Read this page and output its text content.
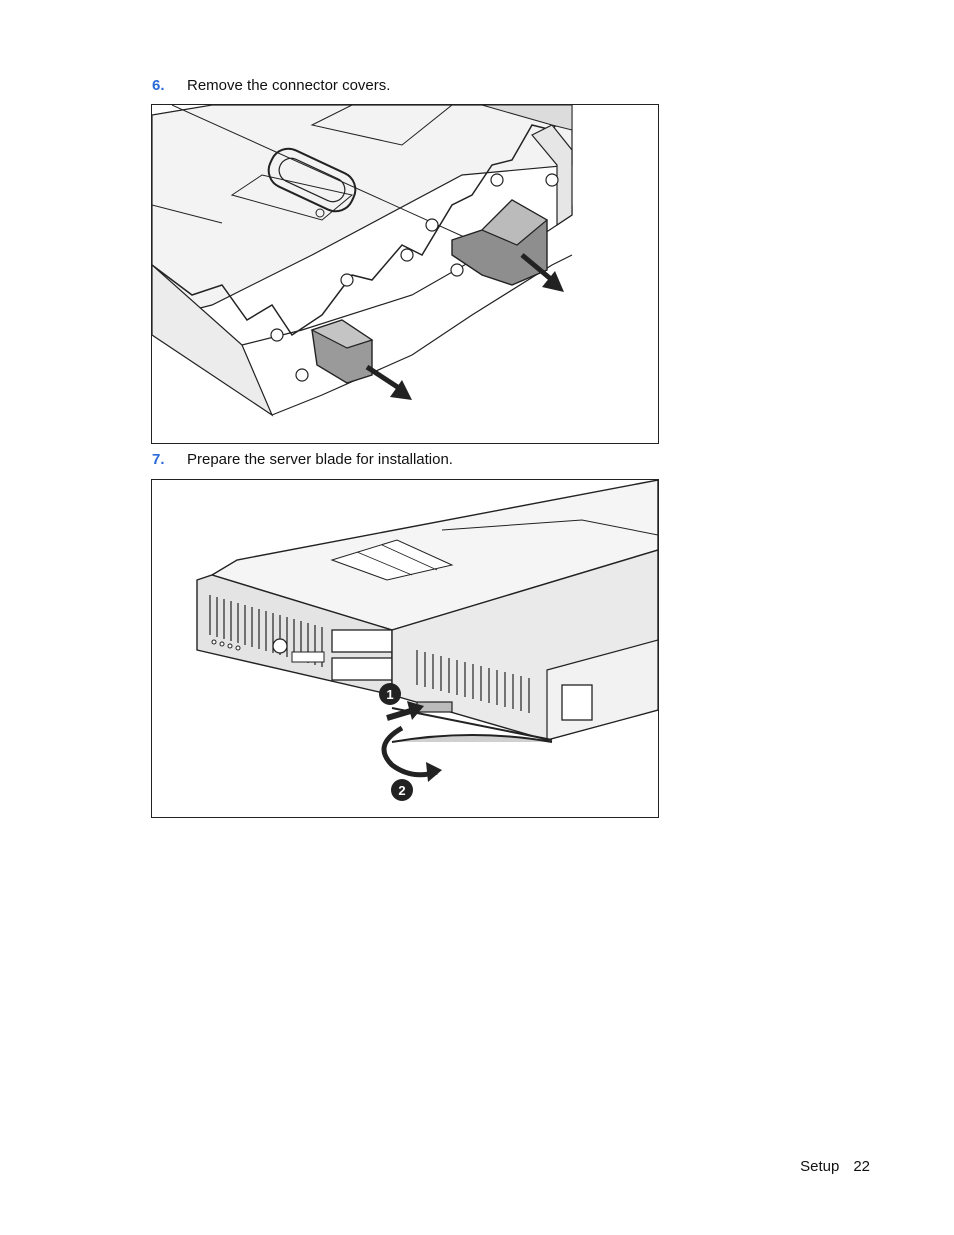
6. Remove the connector covers.
7. Prepare the server blade for installation.
1
2
Setup 22
